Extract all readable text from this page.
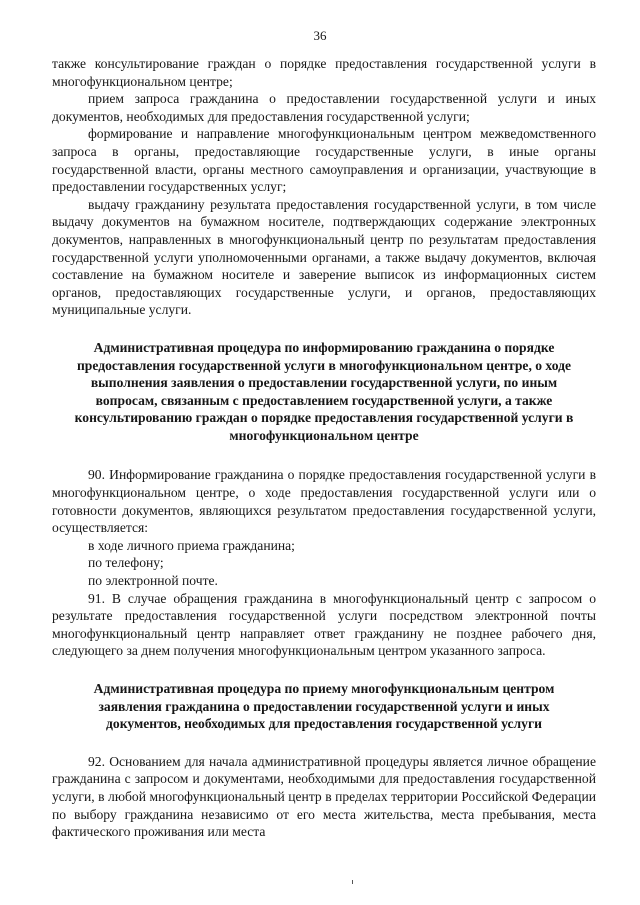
36

также консультирование граждан о порядке предоставления государственной услуги в многофункциональном центре;

прием запроса гражданина о предоставлении государственной услуги и иных документов, необходимых для предоставления государственной услуги;

формирование и направление многофункциональным центром межведомственного запроса в органы, предоставляющие государственные услуги, в иные органы государственной власти, органы местного самоуправления и организации, участвующие в предоставлении государственных услуг;

выдачу гражданину результата предоставления государственной услуги, в том числе выдачу документов на бумажном носителе, подтверждающих содержание электронных документов, направленных в многофункциональный центр по результатам предоставления государственной услуги уполномоченными органами, а также выдачу документов, включая составление на бумажном носителе и заверение выписок из информационных систем органов, предоставляющих государственные услуги, и органов, предоставляющих муниципальные услуги.

Административная процедура по информированию гражданина о порядке предоставления государственной услуги в многофункциональном центре, о ходе выполнения заявления о предоставлении государственной услуги, по иным вопросам, связанным с предоставлением государственной услуги, а также консультированию граждан о порядке предоставления государственной услуги в многофункциональном центре

90. Информирование гражданина о порядке предоставления государственной услуги в многофункциональном центре, о ходе предоставления государственной услуги или о готовности документов, являющихся результатом предоставления государственной услуги, осуществляется:

в ходе личного приема гражданина;

по телефону;

по электронной почте.

91. В случае обращения гражданина в многофункциональный центр с запросом о результате предоставления государственной услуги посредством электронной почты многофункциональный центр направляет ответ гражданину не позднее рабочего дня, следующего за днем получения многофункциональным центром указанного запроса.

Административная процедура по приему многофункциональным центром заявления гражданина о предоставлении государственной услуги и иных документов, необходимых для предоставления государственной услуги

92. Основанием для начала административной процедуры является личное обращение гражданина с запросом и документами, необходимыми для предоставления государственной услуги, в любой многофункциональный центр в пределах территории Российской Федерации по выбору гражданина независимо от его места жительства, места пребывания, места фактического проживания или места
